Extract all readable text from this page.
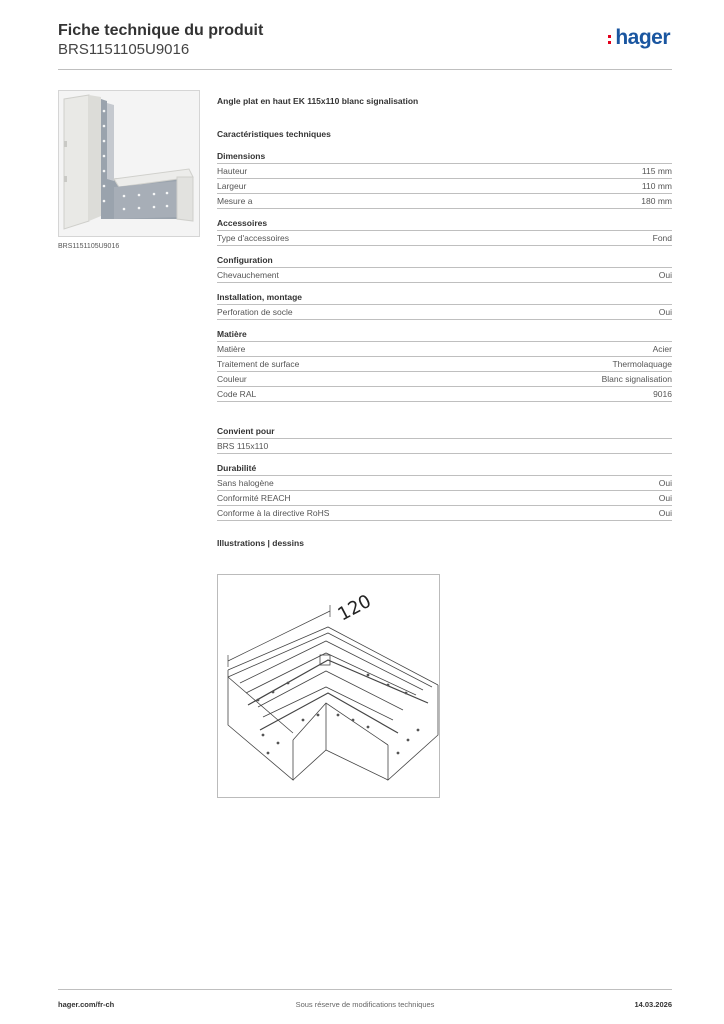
Fiche technique du produit
BRS1151105U9016
hager
BRS1151105U9016
Angle plat en haut EK 115x110 blanc signalisation
Caractéristiques techniques
Dimensions
Hauteur	115 mm
Largeur	110 mm
Mesure a	180 mm
Accessoires
Type d'accessoires	Fond
Configuration
Chevauchement	Oui
Installation, montage
Perforation de socle	Oui
Matière
Matière	Acier
Traitement de surface	Thermolaquage
Couleur	Blanc signalisation
Code RAL	9016
Convient pour
BRS 115x110
Durabilité
Sans halogène	Oui
Conformité REACH	Oui
Conforme à la directive RoHS	Oui
Illustrations | dessins
120
hager.com/fr-ch	Sous réserve de modifications techniques	14.03.2026
